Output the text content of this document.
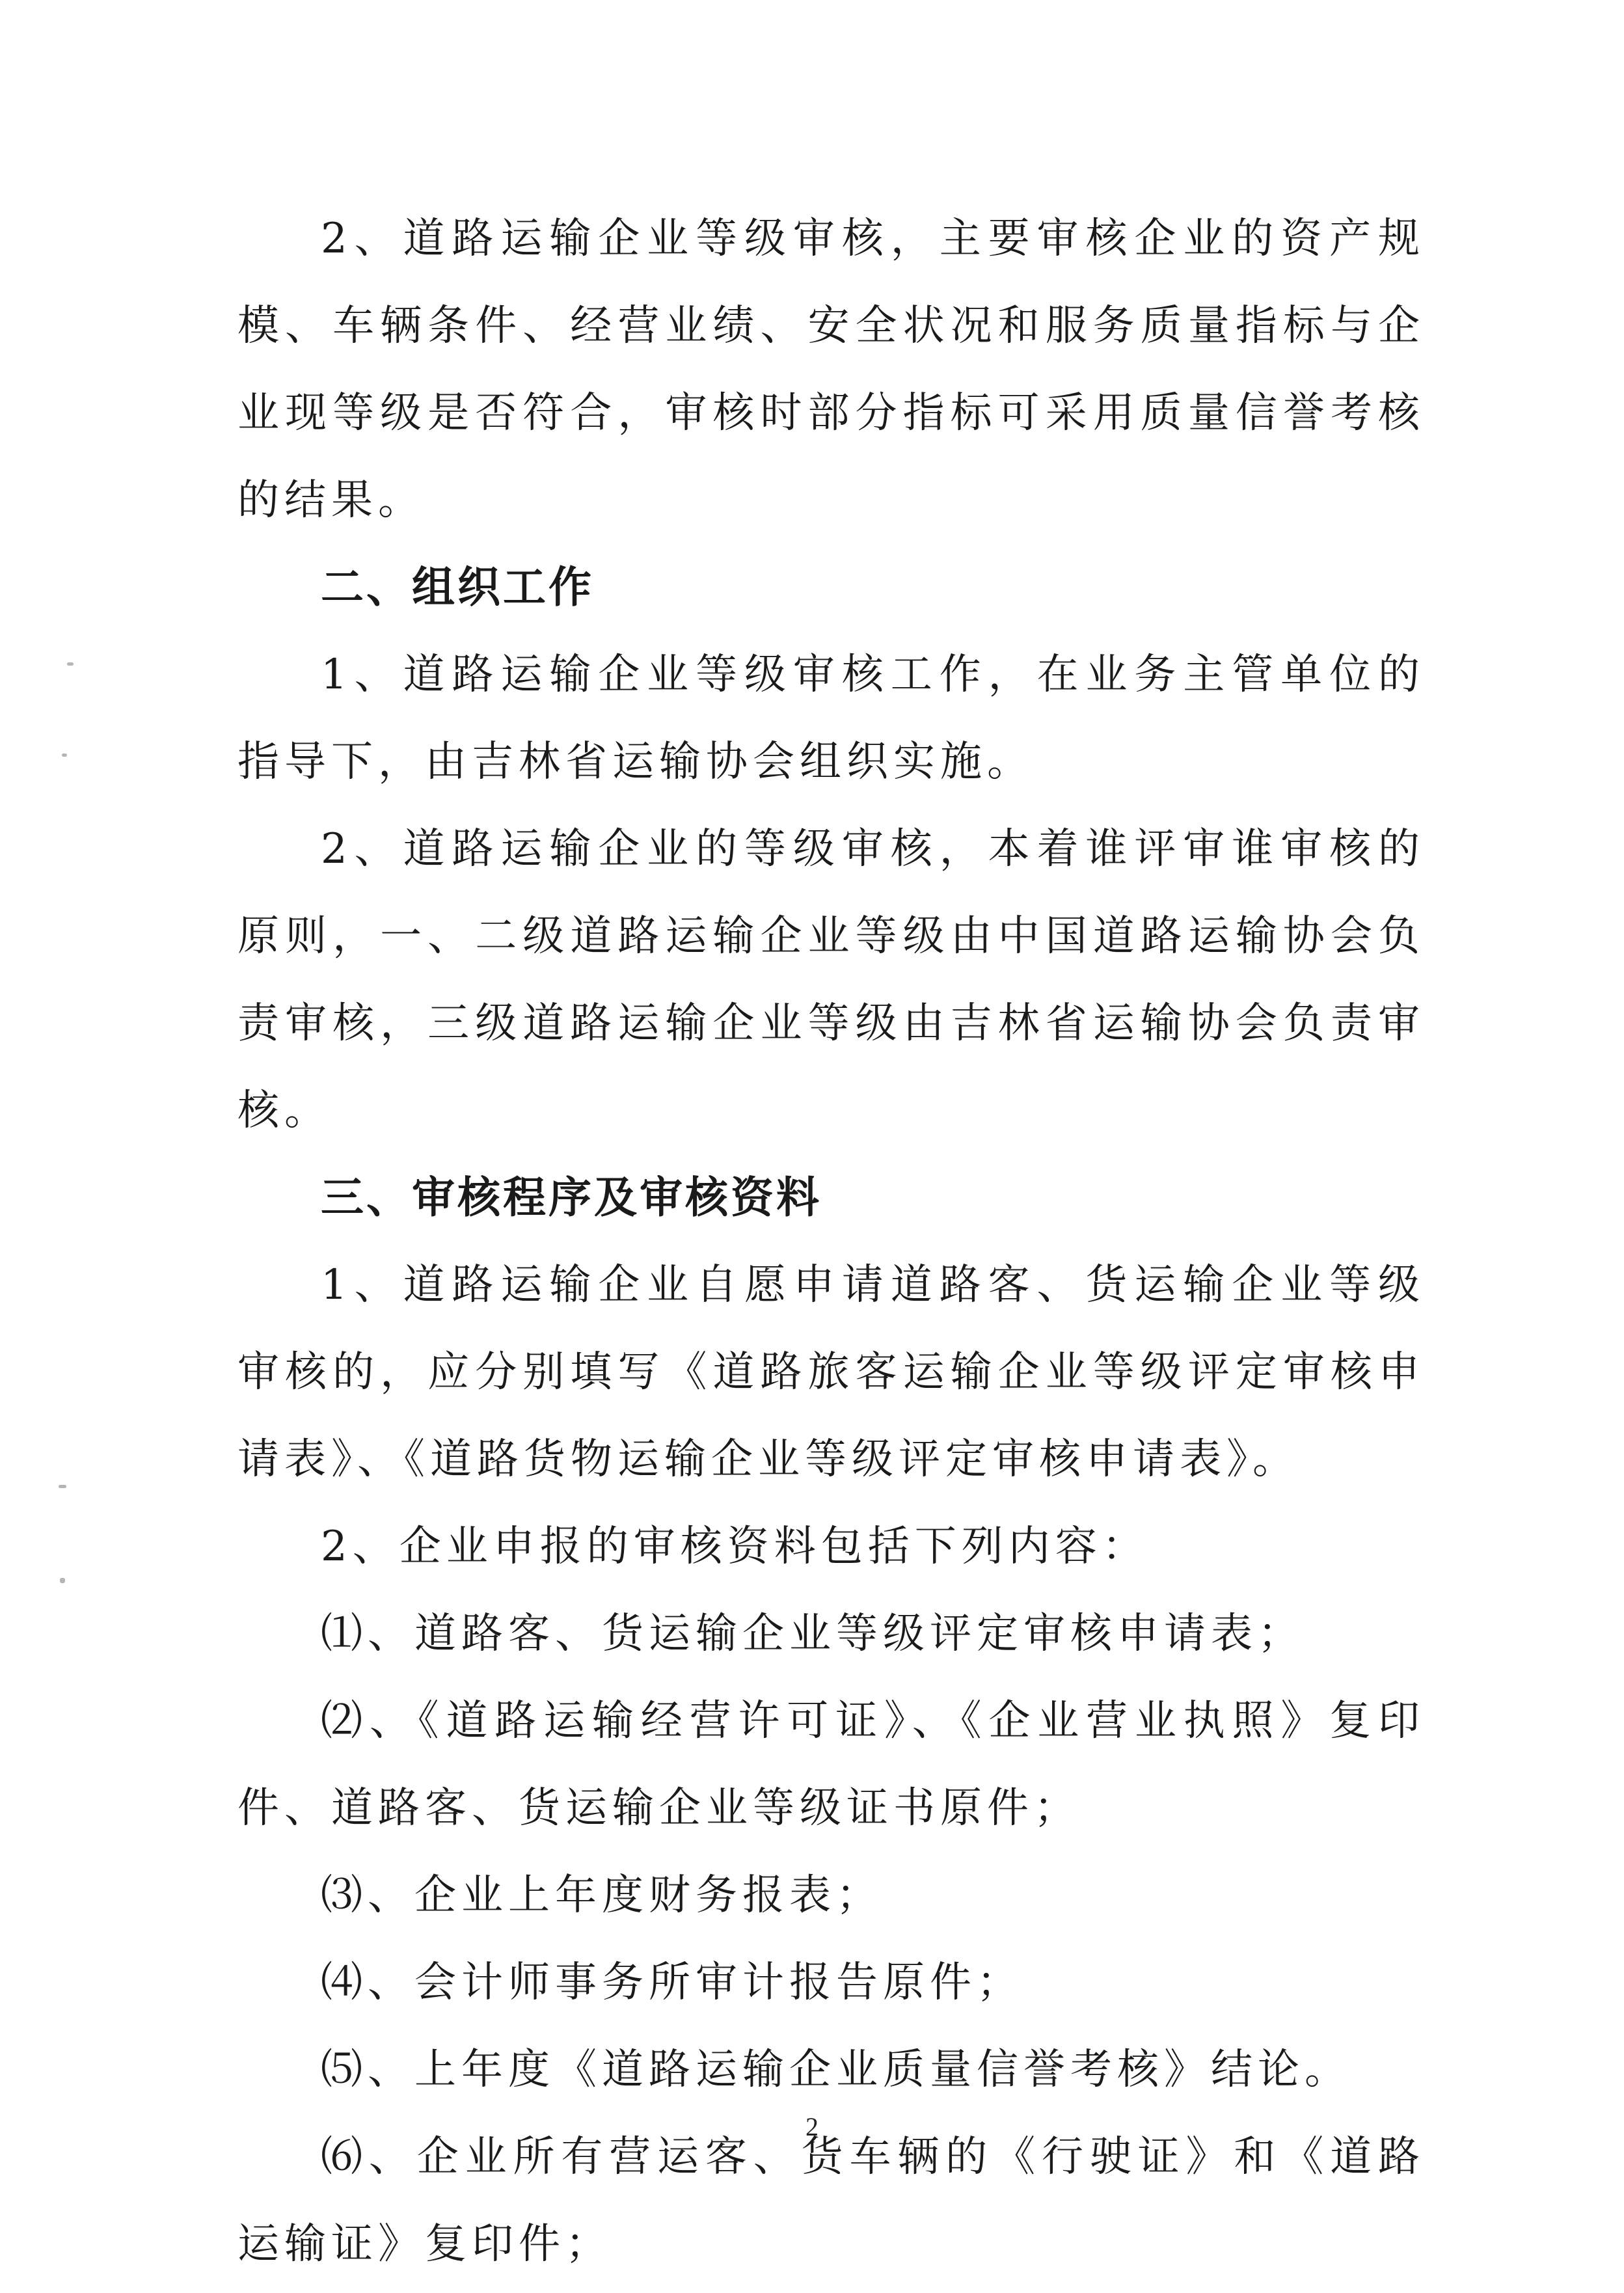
2、道路运输企业等级审核，主要审核企业的资产规模、车辆条件、经营业绩、安全状况和服务质量指标与企业现等级是否符合，审核时部分指标可采用质量信誉考核的结果。

二、组织工作

1、道路运输企业等级审核工作，在业务主管单位的指导下，由吉林省运输协会组织实施。

2、道路运输企业的等级审核，本着谁评审谁审核的原则，一、二级道路运输企业等级由中国道路运输协会负责审核，三级道路运输企业等级由吉林省运输协会负责审核。

三、审核程序及审核资料

1、道路运输企业自愿申请道路客、货运输企业等级审核的，应分别填写《道路旅客运输企业等级评定审核申请表》、《道路货物运输企业等级评定审核申请表》。

2、企业申报的审核资料包括下列内容：

⑴、道路客、货运输企业等级评定审核申请表；

⑵、《道路运输经营许可证》、《企业营业执照》复印件、道路客、货运输企业等级证书原件；

⑶、企业上年度财务报表；

⑷、会计师事务所审计报告原件；

⑸、上年度《道路运输企业质量信誉考核》结论。

⑹、企业所有营运客、货车辆的《行驶证》和《道路运输证》复印件；

2
